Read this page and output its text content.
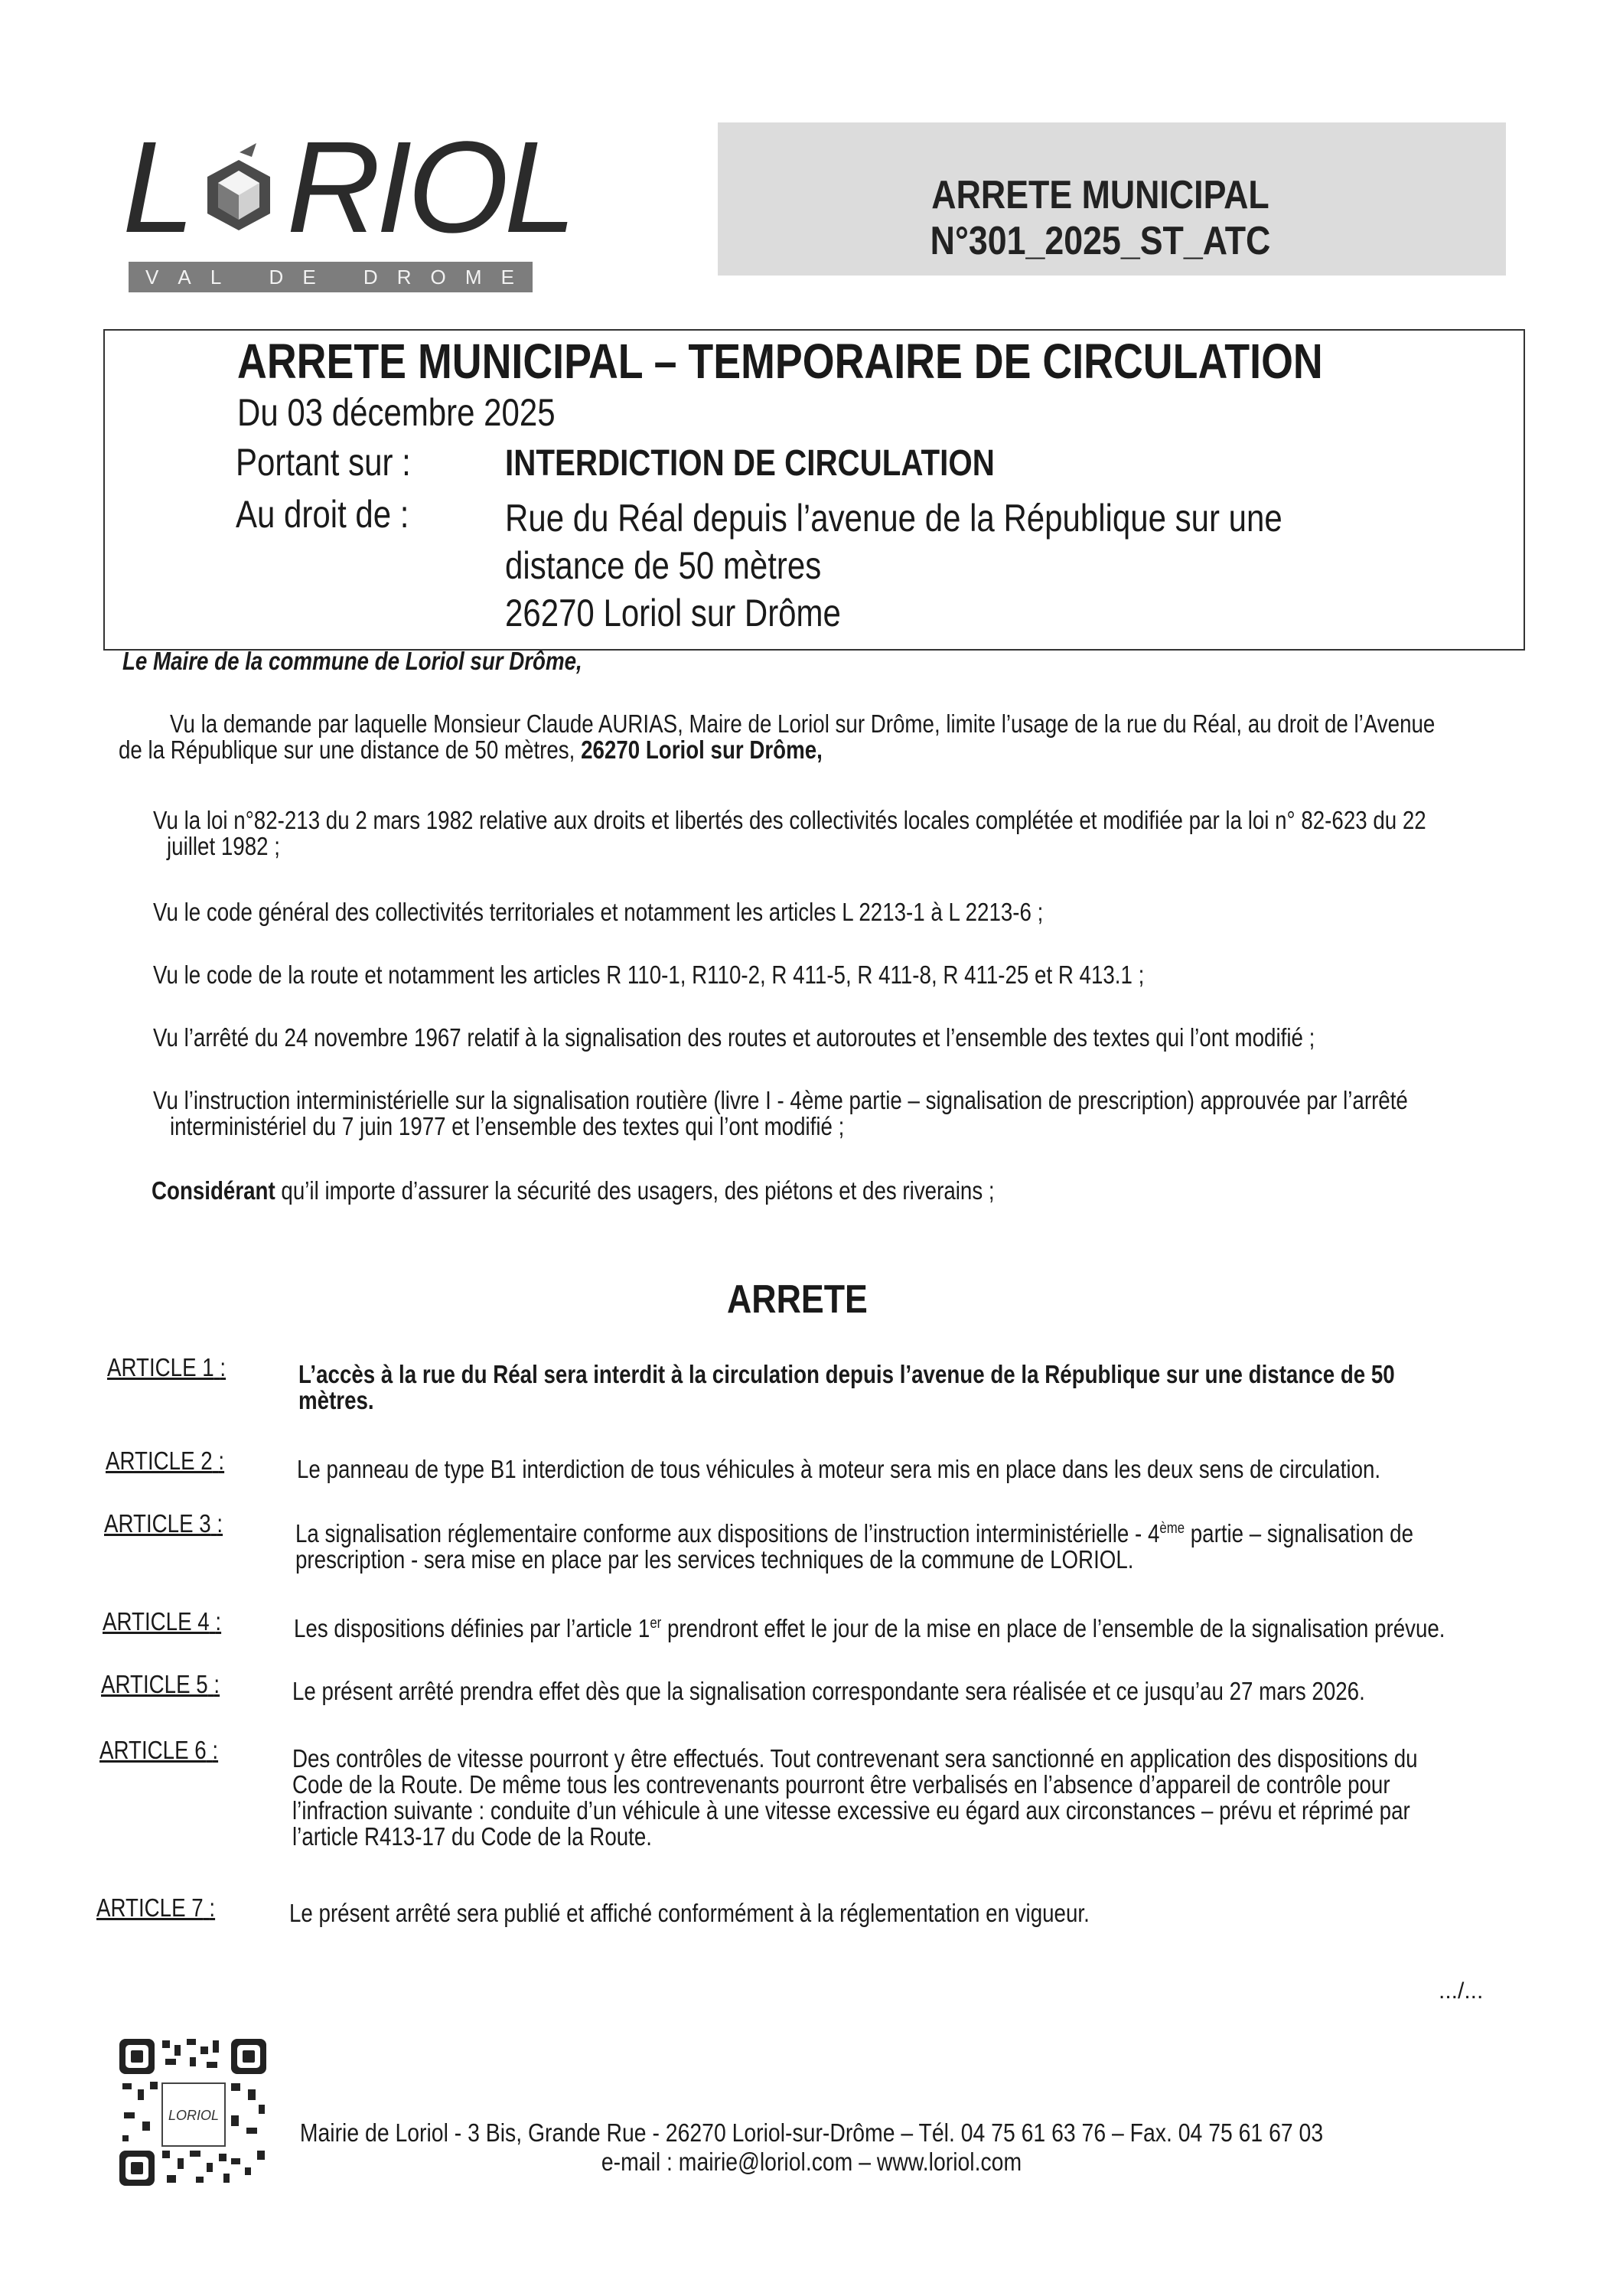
L RIOL
V A L D E D R O M E
ARRETE MUNICIPAL N°301_2025_ST_ATC
ARRETE MUNICIPAL – TEMPORAIRE DE CIRCULATION
Du 03 décembre 2025
Portant sur :	INTERDICTION DE CIRCULATION
Au droit de :	Rue du Réal depuis l’avenue de la République sur une
distance de 50 mètres
26270 Loriol sur Drôme
Le Maire de la commune de Loriol sur Drôme,
Vu la demande par laquelle Monsieur Claude AURIAS, Maire de Loriol sur Drôme, limite l’usage de la rue du Réal, au droit de l’Avenue
de la République sur une distance de 50 mètres, 26270 Loriol sur Drôme,
Vu la loi n°82-213 du 2 mars 1982 relative aux droits et libertés des collectivités locales complétée et modifiée par la loi n° 82-623 du 22
juillet 1982 ;
Vu le code général des collectivités territoriales et notamment les articles L 2213-1 à L 2213-6 ;
Vu le code de la route et notamment les articles R 110-1, R110-2, R 411-5, R 411-8, R 411-25 et R 413.1 ;
Vu l’arrêté du 24 novembre 1967 relatif à la signalisation des routes et autoroutes et l’ensemble des textes qui l’ont modifié ;
Vu l’instruction interministérielle sur la signalisation routière (livre I - 4ème partie – signalisation de prescription) approuvée par l’arrêté
interministériel du 7 juin 1977 et l’ensemble des textes qui l’ont modifié ;
Considérant qu’il importe d’assurer la sécurité des usagers, des piétons et des riverains ;
ARRETE
ARTICLE 1 :	L’accès à la rue du Réal sera interdit à la circulation depuis l’avenue de la République sur une distance de 50
mètres.
ARTICLE 2 :	Le panneau de type B1 interdiction de tous véhicules à moteur sera mis en place dans les deux sens de circulation.
ARTICLE 3 :	La signalisation réglementaire conforme aux dispositions de l’instruction interministérielle - 4ème partie – signalisation de
prescription - sera mise en place par les services techniques de la commune de LORIOL.
ARTICLE 4 :	Les dispositions définies par l’article 1er prendront effet le jour de la mise en place de l’ensemble de la signalisation prévue.
ARTICLE 5 :	Le présent arrêté prendra effet dès que la signalisation correspondante sera réalisée et ce jusqu’au 27 mars 2026.
ARTICLE 6 :	Des contrôles de vitesse pourront y être effectués. Tout contrevenant sera sanctionné en application des dispositions du
Code de la Route. De même tous les contrevenants pourront être verbalisés en l’absence d’appareil de contrôle pour
l’infraction suivante : conduite d’un véhicule à une vitesse excessive eu égard aux circonstances – prévu et réprimé par
l’article R413-17 du Code de la Route.
ARTICLE 7 :	Le présent arrêté sera publié et affiché conformément à la réglementation en vigueur.
.../...
LORIOL
Mairie de Loriol - 3 Bis, Grande Rue - 26270 Loriol-sur-Drôme – Tél. 04 75 61 63 76 – Fax. 04 75 61 67 03
e-mail : mairie@loriol.com – www.loriol.com
